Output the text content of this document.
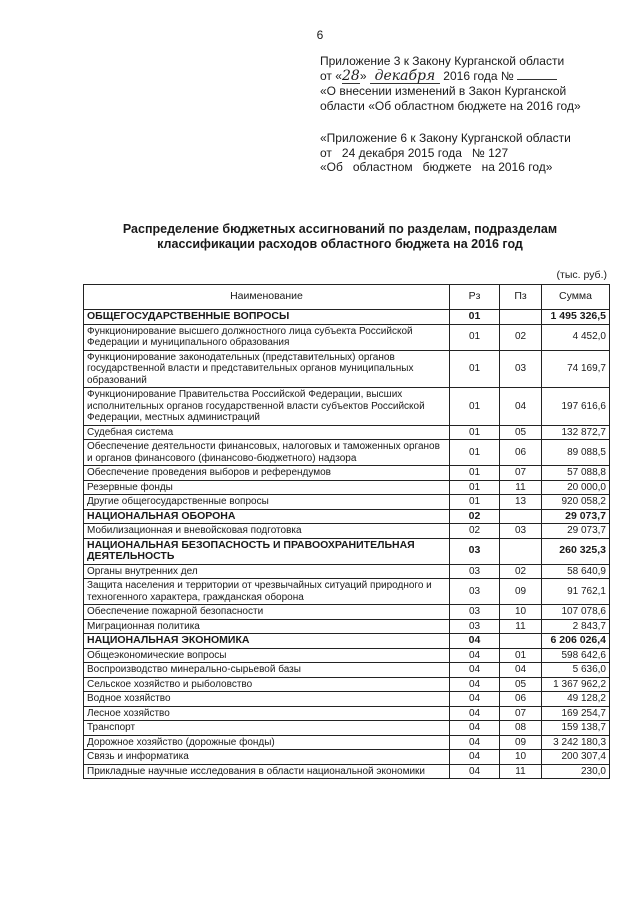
6
Приложение 3 к Закону Курганской области
от «28» декабря 2016 года №
«О внесении изменений в Закон Курганской
области «Об областном бюджете на 2016 год»
«Приложение 6 к Закону Курганской области
от   24 декабря 2015 года   № 127
«Об   областном   бюджете   на 2016 год»
Распределение бюджетных ассигнований по разделам, подразделам
классификации расходов областного бюджета на 2016 год
(тыс. руб.)
Наименование	Рз	Пз	Сумма
ОБЩЕГОСУДАРСТВЕННЫЕ ВОПРОСЫ	01		1 495 326,5
Функционирование высшего должностного лица субъекта Российской Федерации и муниципального образования	01	02	4 452,0
Функционирование законодательных (представительных) органов государственной власти и представительных органов муниципальных образований	01	03	74 169,7
Функционирование Правительства Российской Федерации, высших исполнительных органов государственной власти субъектов Российской Федерации, местных администраций	01	04	197 616,6
Судебная система	01	05	132 872,7
Обеспечение деятельности финансовых, налоговых и таможенных органов и органов финансового (финансово-бюджетного) надзора	01	06	89 088,5
Обеспечение проведения выборов и референдумов	01	07	57 088,8
Резервные фонды	01	11	20 000,0
Другие общегосударственные вопросы	01	13	920 058,2
НАЦИОНАЛЬНАЯ ОБОРОНА	02		29 073,7
Мобилизационная и вневойсковая подготовка	02	03	29 073,7
НАЦИОНАЛЬНАЯ БЕЗОПАСНОСТЬ И ПРАВООХРАНИТЕЛЬНАЯ ДЕЯТЕЛЬНОСТЬ	03		260 325,3
Органы внутренних дел	03	02	58 640,9
Защита населения и территории от чрезвычайных ситуаций природного и техногенного характера, гражданская оборона	03	09	91 762,1
Обеспечение пожарной безопасности	03	10	107 078,6
Миграционная политика	03	11	2 843,7
НАЦИОНАЛЬНАЯ ЭКОНОМИКА	04		6 206 026,4
Общеэкономические вопросы	04	01	598 642,6
Воспроизводство минерально-сырьевой базы	04	04	5 636,0
Сельское хозяйство и рыболовство	04	05	1 367 962,2
Водное хозяйство	04	06	49 128,2
Лесное хозяйство	04	07	169 254,7
Транспорт	04	08	159 138,7
Дорожное хозяйство (дорожные фонды)	04	09	3 242 180,3
Связь и информатика	04	10	200 307,4
Прикладные научные исследования в области национальной экономики	04	11	230,0
